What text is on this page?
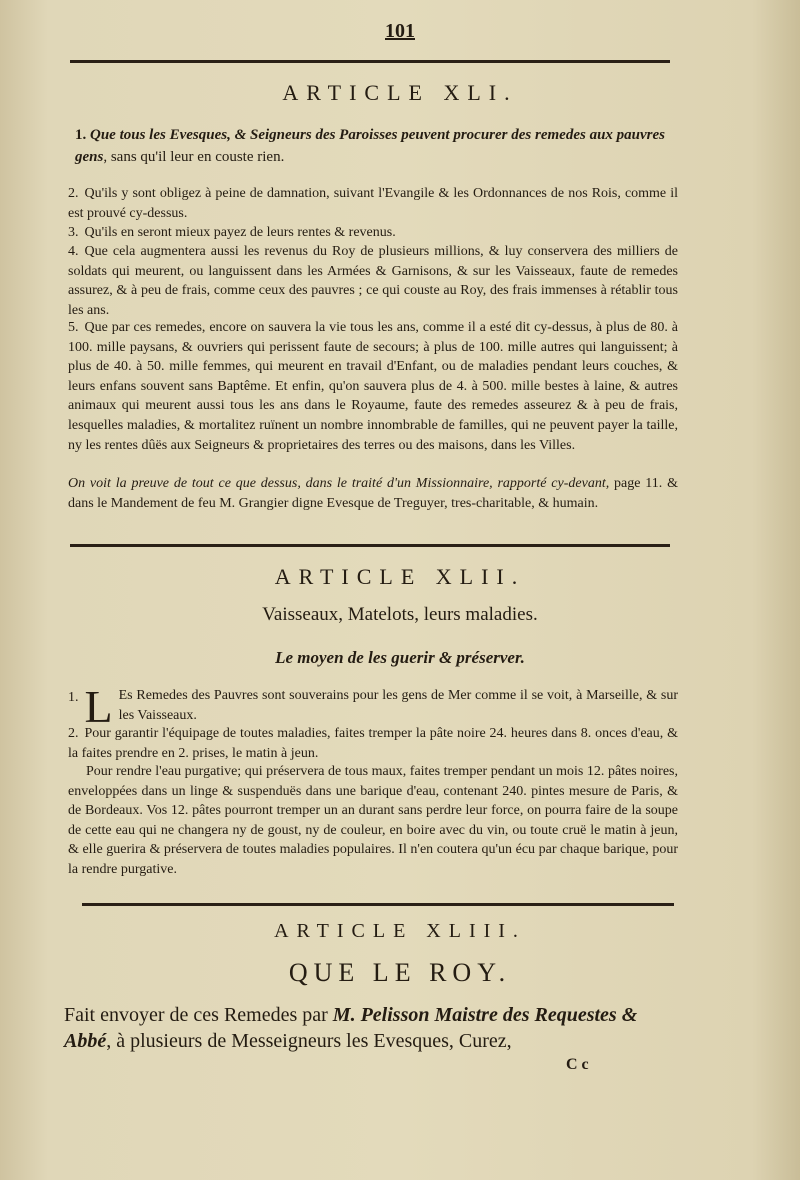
101
ARTICLE XLI.
1. Que tous les Evesques, & Seigneurs des Paroisses peuvent procurer des remedes aux pauvres gens, sans qu'il leur en couste rien.
2. Qu'ils y sont obligez à peine de damnation, suivant l'Evangile & les Ordonnances de nos Rois, comme il est prouvé cy-dessus.
3. Qu'ils en seront mieux payez de leurs rentes & revenus.
4. Que cela augmentera aussi les revenus du Roy de plusieurs millions, & luy conservera des milliers de soldats qui meurent, ou languissent dans les Armées & Garnisons, & sur les Vaisseaux, faute de remedes assurez, & à peu de frais, comme ceux des pauvres ; ce qui couste au Roy, des frais immenses à rétablir tous les ans.
5. Que par ces remedes, encore on sauvera la vie tous les ans, comme il a esté dit cy-dessus, à plus de 80. à 100. mille paysans, & ouvriers qui perissent faute de secours; à plus de 100. mille autres qui languissent; à plus de 40. à 50. mille femmes, qui meurent en travail d'Enfant, ou de maladies pendant leurs couches, & leurs enfans souvent sans Baptême. Et enfin, qu'on sauvera plus de 4. à 500. mille bestes à laine, & autres animaux qui meurent aussi tous les ans dans le Royaume, faute des remedes asseurez & à peu de frais, lesquelles maladies, & mortalitez ruïnent un nombre innombrable de familles, qui ne peuvent payer la taille, ny les rentes dûës aux Seigneurs & proprietaires des terres ou des maisons, dans les Villes.
On voit la preuve de tout ce que dessus, dans le traité d'un Missionnaire, rapporté cy-devant, page 11. & dans le Mandement de feu M. Grangier digne Evesque de Treguyer, tres-charitable, & humain.
ARTICLE XLII.
Vaisseaux, Matelots, leurs maladies.
Le moyen de les guerir & préserver.
1. L Es Remedes des Pauvres sont souverains pour les gens de Mer comme il se voit, à Marseille, & sur les Vaisseaux.
2. Pour garantir l'équipage de toutes maladies, faites tremper la pâte noire 24. heures dans 8. onces d'eau, & la faites prendre en 2. prises, le matin à jeun.
Pour rendre l'eau purgative; qui préservera de tous maux, faites tremper pendant un mois 12. pâtes noires, enveloppées dans un linge & suspenduës dans une barique d'eau, contenant 240. pintes mesure de Paris, & de Bordeaux. Vos 12. pâtes pourront tremper un an durant sans perdre leur force, on pourra faire de la soupe de cette eau qui ne changera ny de goust, ny de couleur, en boire avec du vin, ou toute cruë le matin à jeun, & elle guerira & préservera de toutes maladies populaires. Il n'en coutera qu'un écu par chaque barique, pour la rendre purgative.
ARTICLE XLIII.
QUE LE ROY.
Fait envoyer de ces Remedes par M. Pelisson Maistre des Requestes & Abbé, à plusieurs de Messeigneurs les Evesques, Curez,
C c
